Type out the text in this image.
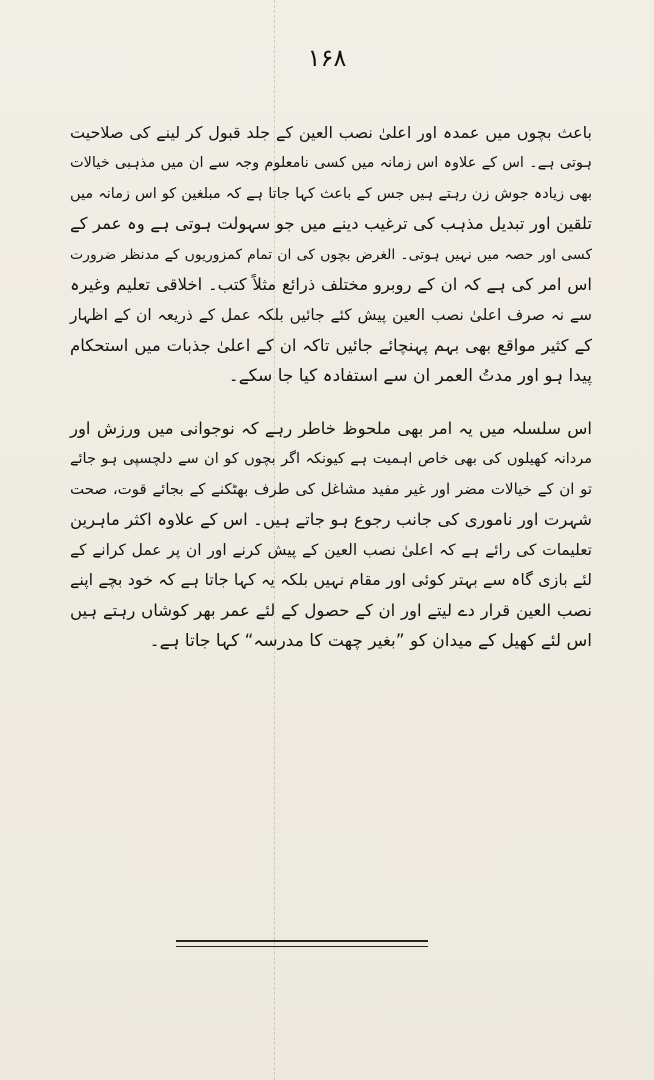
۱۶۸
باعث بچوں میں عمدہ اور اعلیٰ نصب العین کے جلد قبول کر لینے کی صلاحیت
ہوتی ہے۔ اس کے علاوہ اس زمانہ میں کسی نامعلوم وجہ سے ان میں مذہبی خیالات
بھی زیادہ جوش زن رہتے ہیں جس کے باعث کہا جاتا ہے کہ مبلغین کو اس زمانہ میں
تلقین اور تبدیل مذہب کی ترغیب دینے میں جو سہولت ہوتی ہے وہ عمر کے
کسی اور حصہ میں نہیں ہوتی۔ الغرض بچوں کی ان تمام کمزوریوں کے مدنظر ضرورت
اس امر کی ہے کہ ان کے روبرو مختلف ذرائع مثلاً کتب۔ اخلاقی تعلیم وغیرہ
سے نہ صرف اعلیٰ نصب العین پیش کئے جائیں بلکہ عمل کے ذریعہ ان کے اظہار
کے کثیر مواقع بھی بہم پہنچائے جائیں تاکہ ان کے اعلیٰ جذبات میں استحکام
پیدا ہو اور مدتُ العمر ان سے استفادہ کیا جا سکے۔
اس سلسلہ میں یہ امر بھی ملحوظ خاطر رہے کہ نوجوانی میں ورزش اور
مردانہ کھیلوں کی بھی خاص اہمیت ہے کیونکہ اگر بچوں کو ان سے دلچسپی ہو جائے
تو ان کے خیالات مضر اور غیر مفید مشاغل کی طرف بھٹکنے کے بجائے قوت، صحت
شہرت اور ناموری کی جانب رجوع ہو جاتے ہیں۔ اس کے علاوہ اکثر ماہرین
تعلیمات کی رائے ہے کہ اعلیٰ نصب العین کے پیش کرنے اور ان پر عمل کرانے کے
لئے بازی گاہ سے بہتر کوئی اور مقام نہیں بلکہ یہ کہا جاتا ہے کہ خود بچے اپنے
نصب العین قرار دے لیتے اور ان کے حصول کے لئے عمر بھر کوشاں رہتے ہیں
اس لئے کھیل کے میدان کو ”بغیر چھت کا مدرسہ“ کہا جاتا ہے۔
